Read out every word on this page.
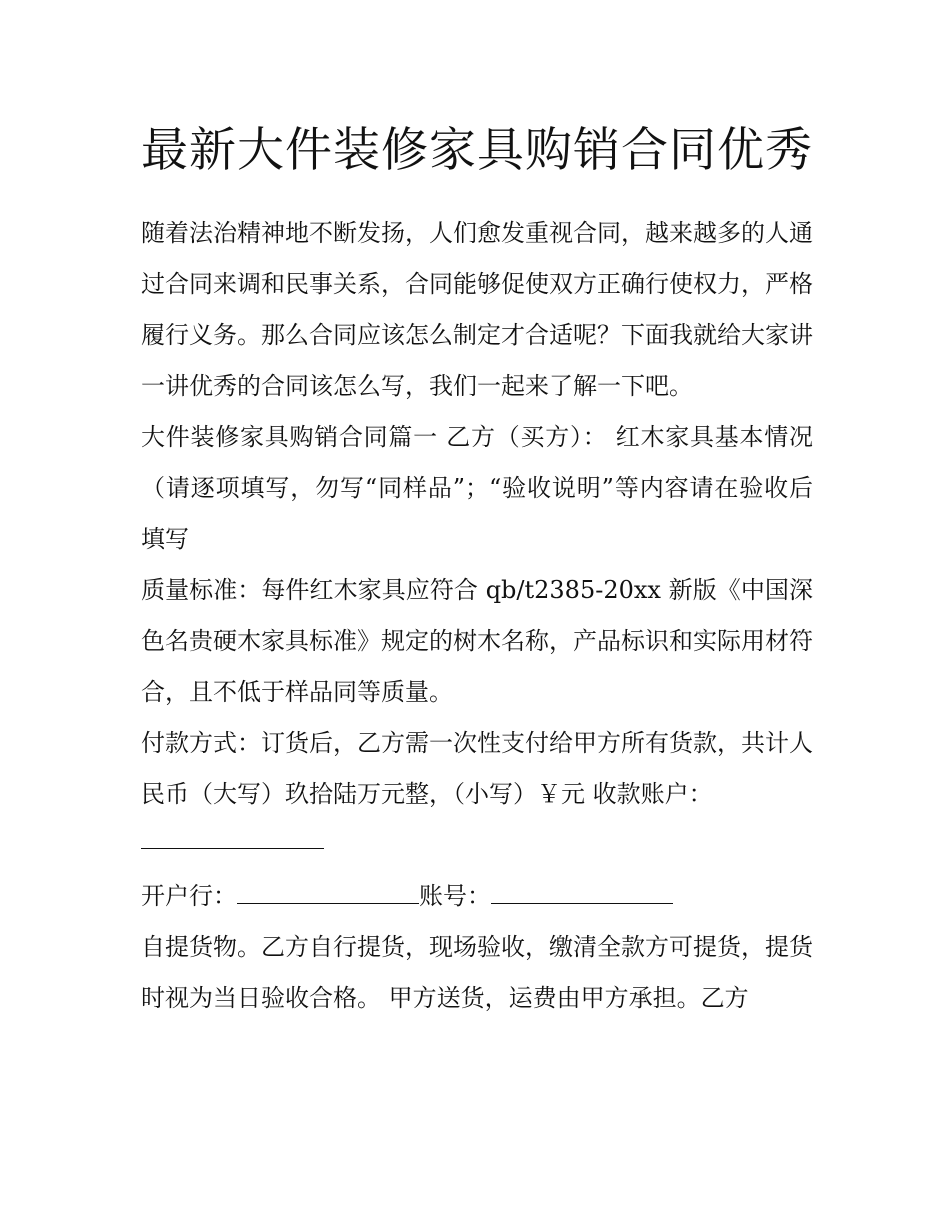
最新大件装修家具购销合同优秀

随着法治精神地不断发扬，人们愈发重视合同，越来越多的人通过合同来调和民事关系，合同能够促使双方正确行使权力，严格履行义务。那么合同应该怎么制定才合适呢？下面我就给大家讲一讲优秀的合同该怎么写，我们一起来了解一下吧。

大件装修家具购销合同篇一 乙方（买方）： 红木家具基本情况 （请逐项填写，勿写“同样品”；“验收说明”等内容请在验收后填写

质量标准：每件红木家具应符合 qb/t2385-20xx 新版《中国深色名贵硬木家具标准》规定的树木名称，产品标识和实际用材符合，且不低于样品同等质量。

付款方式：订货后，乙方需一次性支付给甲方所有货款，共计人民币（大写）玖拾陆万元整，（小写）￥元 收款账户：

开户行：	账号：

自提货物。乙方自行提货，现场验收，缴清全款方可提货，提货时视为当日验收合格。 甲方送货，运费由甲方承担。乙方
